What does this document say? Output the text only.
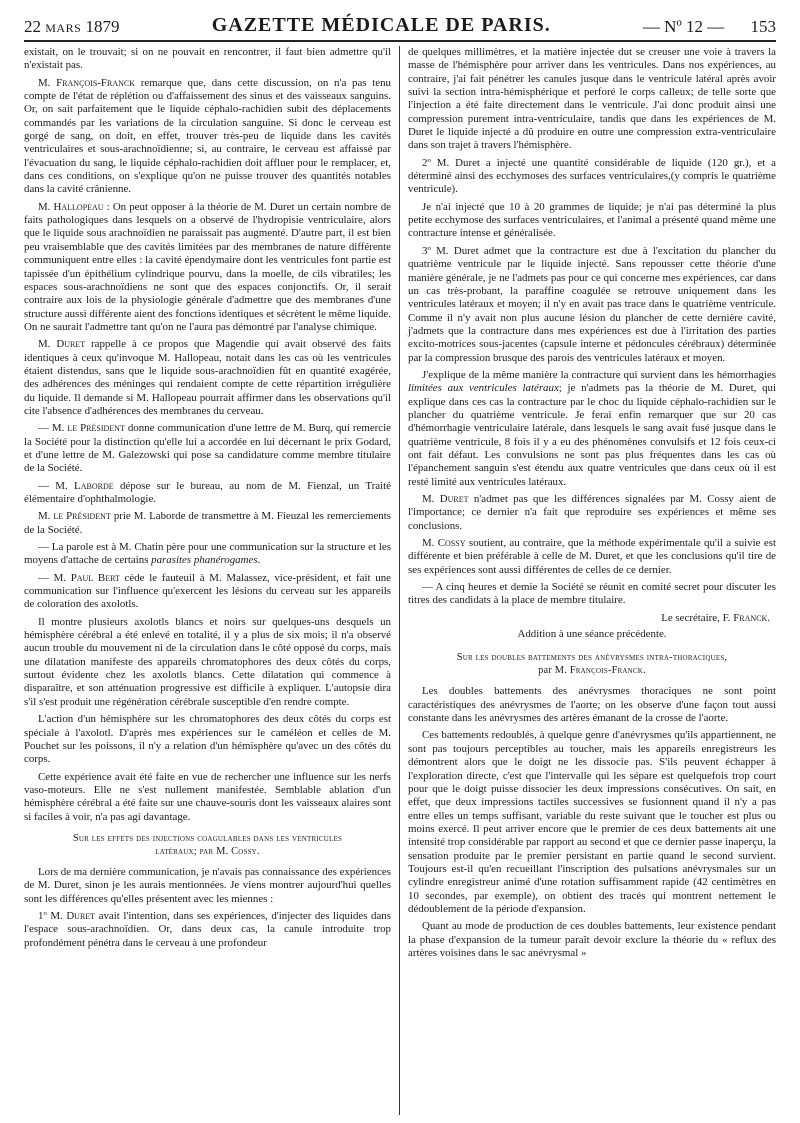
22 MARS 1879	GAZETTE MÉDICALE DE PARIS.	— Nº 12 — 153

existait, on le trouvait; si on ne pouvait en rencontrer, il faut bien admettre qu'il n'existait pas.

M. François-Franck remarque que, dans cette discussion, on n'a pas tenu compte de l'état de réplétion ou d'affaissement des sinus et des vaisseaux sanguins. Or, on sait parfaitement que le liquide céphalo-rachidien subit des déplacements commandés par les variations de la circulation sanguine. Si donc le cerveau est gorgé de sang, on doit, en effet, trouver très-peu de liquide dans les cavités ventriculaires et sous-arachnoïdienne; si, au contraire, le cerveau est affaissé par l'évacuation du sang, le liquide céphalo-rachidien doit affluer pour le remplacer, et, dans ces conditions, on s'explique qu'on ne puisse trouver des quantités notables dans la cavité crânienne.

M. Hallopeau : On peut opposer à la théorie de M. Duret un certain nombre de faits pathologiques dans lesquels on a observé de l'hydropisie ventriculaire, alors que le liquide sous arachnoïdien ne paraissait pas augmenté. D'autre part, il est bien peu vraisemblable que des cavités limitées par des membranes de nature différente communiquent entre elles : la cavité épendymaire dont les ventricules font partie est tapissée d'un épithélium cylindrique pourvu, dans la moelle, de cils vibratiles; les espaces sous-arachnoïdiens ne sont que des espaces conjonctifs. Or, il serait contraire aux lois de la physiologie générale d'admettre que des membranes d'une structure aussi différente aient des fonctions identiques et sécrètent le même liquide. On ne saurait l'admettre tant qu'on ne l'aura pas démontré par l'analyse chimique.

M. Duret rappelle à ce propos que Magendie qui avait observé des faits identiques à ceux qu'invoque M. Hallopeau, notait dans les cas où les ventricules étaient distendus, sans que le liquide sous-arachnoïdien fût en quantité exagérée, des adhérences des méninges qui rendaient compte de cette répartition irrégulière du liquide. Il demande si M. Hallopeau pourrait affirmer dans les observations qu'il cite l'absence d'adhérences des membranes du cerveau.

— M. le Président donne communication d'une lettre de M. Burq, qui remercie la Société pour la distinction qu'elle lui a accordée en lui décernant le prix Godard, et d'une lettre de M. Galezowski qui pose sa candidature comme membre titulaire de la Société.

— M. Laborde dépose sur le bureau, au nom de M. Fienzal, un Traité élémentaire d'ophthalmologie.

M. le Président prie M. Laborde de transmettre à M. Fieuzal les remerciements de la Société.

— La parole est à M. Chatin père pour une communication sur la structure et les moyens d'attache de certains parasites phanérogames.

— M. Paul Bert cède le fauteuil à M. Malassez, vice-président, et fait une communication sur l'influence qu'exercent les lésions du cerveau sur les appareils de coloration des axolotls.

Il montre plusieurs axolotls blancs et noirs sur quelques-uns desquels un hémisphère cérébral a été enlevé en totalité, il y a plus de six mois; il n'a observé aucun trouble du mouvement ni de la circulation dans le côté opposé du corps, mais une dilatation manifeste des appareils chromatophores des deux côtés du corps, surtout évidente chez les axolotls blancs. Cette dilatation qui commence à disparaître, et son atténuation progressive est difficile à expliquer. L'autopsie dira s'il s'est produit une régénération cérébrale susceptible d'en rendre compte.

L'action d'un hémisphère sur les chromatophores des deux côtés du corps est spéciale à l'axolotl. D'après mes expériences sur le caméléon et celles de M. Pouchet sur les poissons, il n'y a relation d'un hémisphère qu'avec un des côtés du corps.

Cette expérience avait été faite en vue de rechercher une influence sur les nerfs vaso-moteurs. Elle ne s'est nullement manifestée. Semblable ablation d'un hémisphère cérébral a été faite sur une chauve-souris dont les vaisseaux alaires sont si faciles à voir, n'a pas agi davantage.

Sur les effets des injections coagulables dans les ventricules
latéraux; par M. Cossy.

Lors de ma dernière communication, je n'avais pas connaissance des expériences de M. Duret, sinon je les aurais mentionnées. Je viens montrer aujourd'hui quelles sont les différences qu'elles présentent avec les miennes :

1º M. Duret avait l'intention, dans ses expériences, d'injecter des liquides dans l'espace sous-arachnoïdien. Or, dans deux cas, la canule introduite trop profondément pénétra dans le cerveau à une profondeur

de quelques millimètres, et la matière injectée dut se creuser une voie à travers la masse de l'hémisphère pour arriver dans les ventricules. Dans nos expériences, au contraire, j'ai fait pénétrer les canules jusque dans le ventricule latéral après avoir suivi la section intra-hémisphérique et perforé le corps calleux; de telle sorte que l'injection a été faite directement dans le ventricule. J'ai donc produit ainsi une compression purement intra-ventriculaire, tandis que dans les expériences de M. Duret le liquide injecté a dû produire en outre une compression extra-ventriculaire dans son trajet à travers l'hémisphère.

2º M. Duret a injecté une quantité considérable de liquide (120 gr.), et a déterminé ainsi des ecchymoses des surfaces ventriculaires,(y compris le quatrième ventricule).

Je n'ai injecté que 10 à 20 grammes de liquide; je n'ai pas déterminé la plus petite ecchymose des surfaces ventriculaires, et l'animal a présenté quand même une contracture intense et généralisée.

3º M. Duret admet que la contracture est due à l'excitation du plancher du quatrième ventricule par le liquide injecté. Sans repousser cette théorie d'une manière générale, je ne l'admets pas pour ce qui concerne mes expériences, car dans un cas très-probant, la paraffine coagulée se retrouve uniquement dans les ventricules latéraux et moyen; il n'y en avait pas trace dans le quatrième ventricule. Comme il n'y avait non plus aucune lésion du plancher de cette dernière cavité, j'admets que la contracture dans mes expériences est due à l'irritation des parties excito-motrices sous-jacentes (capsule interne et pédoncules cérébraux) déterminée par la compression brusque des parois des ventricules latéraux et moyen.

J'explique de la même manière la contracture qui survient dans les hémorrhagies limitées aux ventricules latéraux; je n'admets pas la théorie de M. Duret, qui explique dans ces cas la contracture par le choc du liquide céphalo-rachidien sur le plancher du quatrième ventricule. Je ferai enfin remarquer que sur 20 cas d'hémorrhagie ventriculaire latérale, dans lesquels le sang avait fusé jusque dans le quatrième ventricule, 8 fois il y a eu des phénomènes convulsifs et 12 fois ceux-ci ont fait défaut. Les convulsions ne sont pas plus fréquentes dans les cas où l'épanchement sanguin s'est étendu aux quatre ventricules que dans ceux où il est resté limité aux ventricules latéraux.

M. Duret n'admet pas que les différences signalées par M. Cossy aient de l'importance; ce dernier n'a fait que reproduire ses expériences et même ses conclusions.

M. Cossy soutient, au contraire, que la méthode expérimentale qu'il a suivie est différente et bien préférable à celle de M. Duret, et que les conclusions qu'il tire de ses expériences sont aussi différentes de celles de ce dernier.

— A cinq heures et demie la Société se réunit en comité secret pour discuter les titres des candidats à la place de membre titulaire.

Le secrétaire, F. Franck.

Addition à une séance précédente.

Sur les doubles battements des anévrysmes intra-thoraciques,
par M. François-Franck.

Les doubles battements des anévrysmes thoraciques ne sont point caractéristiques des anévrysmes de l'aorte; on les observe d'une façon tout aussi constante dans les anévrysmes des artères émanant de la crosse de l'aorte.

Ces battements redoublés, à quelque genre d'anévrysmes qu'ils appartiennent, ne sont pas toujours perceptibles au toucher, mais les appareils enregistreurs les démontrent alors que le doigt ne les dissocie pas. S'ils peuvent échapper à l'exploration directe, c'est que l'intervalle qui les sépare est quelquefois trop court pour que le doigt puisse dissocier les deux impressions consécutives. On sait, en effet, que deux impressions tactiles successives se fusionnent quand il n'y a pas entre elles un temps suffisant, variable du reste suivant que le toucher est plus ou moins exercé. Il peut arriver encore que le premier de ces deux battements ait une intensité trop considérable par rapport au second et que ce dernier passe inaperçu, la sensation produite par le premier persistant en partie quand le second survient. Toujours est-il qu'en recueillant l'inscription des pulsations anévrysmales sur un cylindre enregistreur animé d'une rotation suffisamment rapide (42 centimètres en 10 secondes, par exemple), on obtient des tracés qui montrent nettement le dédoublement de la période d'expansion.

Quant au mode de production de ces doubles battements, leur existence pendant la phase d'expansion de la tumeur paraît devoir exclure la théorie du « reflux des artères voisines dans le sac anévrysmal »
